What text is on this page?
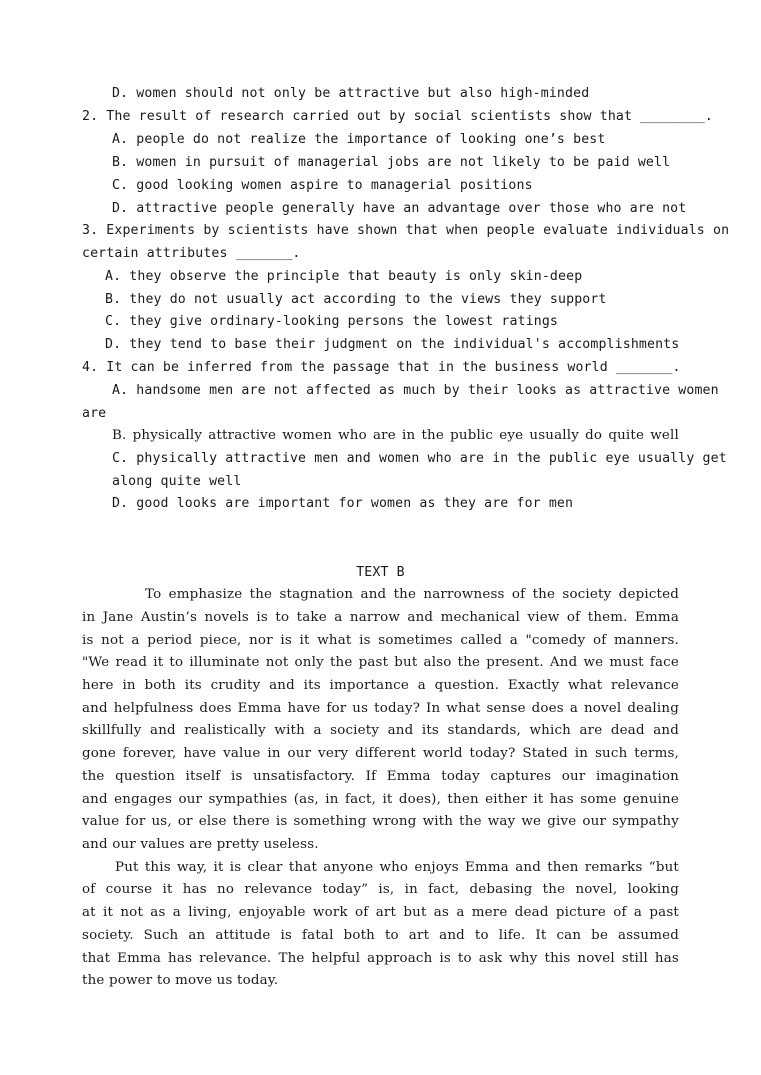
D. women should not only be attractive but also high-minded
2. The result of research carried out by social scientists show that ________.
A. people do not realize the importance of looking one’s best
B. women in pursuit of managerial jobs are not likely to be paid well
C. good looking women aspire to managerial positions
D. attractive people generally have an advantage over those who are not
3. Experiments by scientists have shown that when people evaluate individuals on
certain attributes _______.
A. they observe the principle that beauty is only skin-deep
B. they do not usually act according to the views they support
C. they give ordinary-looking persons the lowest ratings
D. they tend to base their judgment on the individual's accomplishments
4. It can be inferred from the passage that in the business world _______.
A. handsome men are not affected as much by their looks as attractive women
are
B. physically attractive women who are in the public eye usually do quite well
C. physically attractive men and women who are in the public eye usually get
along quite well
D. good looks are important for women as they are for men
TEXT B
To emphasize the stagnation and the narrowness of the society depicted
in Jane Austin’s novels is to take a narrow and mechanical view of them. Emma
is not a period piece, nor is it what is sometimes called a "comedy of manners.
"We read it to illuminate not only the past but also the present. And we must face
here in both its crudity and its importance a question. Exactly what relevance
and helpfulness does Emma have for us today? In what sense does a novel dealing
skillfully and realistically with a society and its standards, which are dead and
gone forever, have value in our very different world today? Stated in such terms,
the question itself is unsatisfactory. If Emma today captures our imagination
and engages our sympathies (as, in fact, it does), then either it has some genuine
value for us, or else there is something wrong with the way we give our sympathy
and our values are pretty useless.
Put this way, it is clear that anyone who enjoys Emma and then remarks “but
of course it has no relevance today” is, in fact, debasing the novel, looking
at it not as a living, enjoyable work of art but as a mere dead picture of a past
society. Such an attitude is fatal both to art and to life. It can be assumed
that Emma has relevance. The helpful approach is to ask why this novel still has
the power to move us today.
